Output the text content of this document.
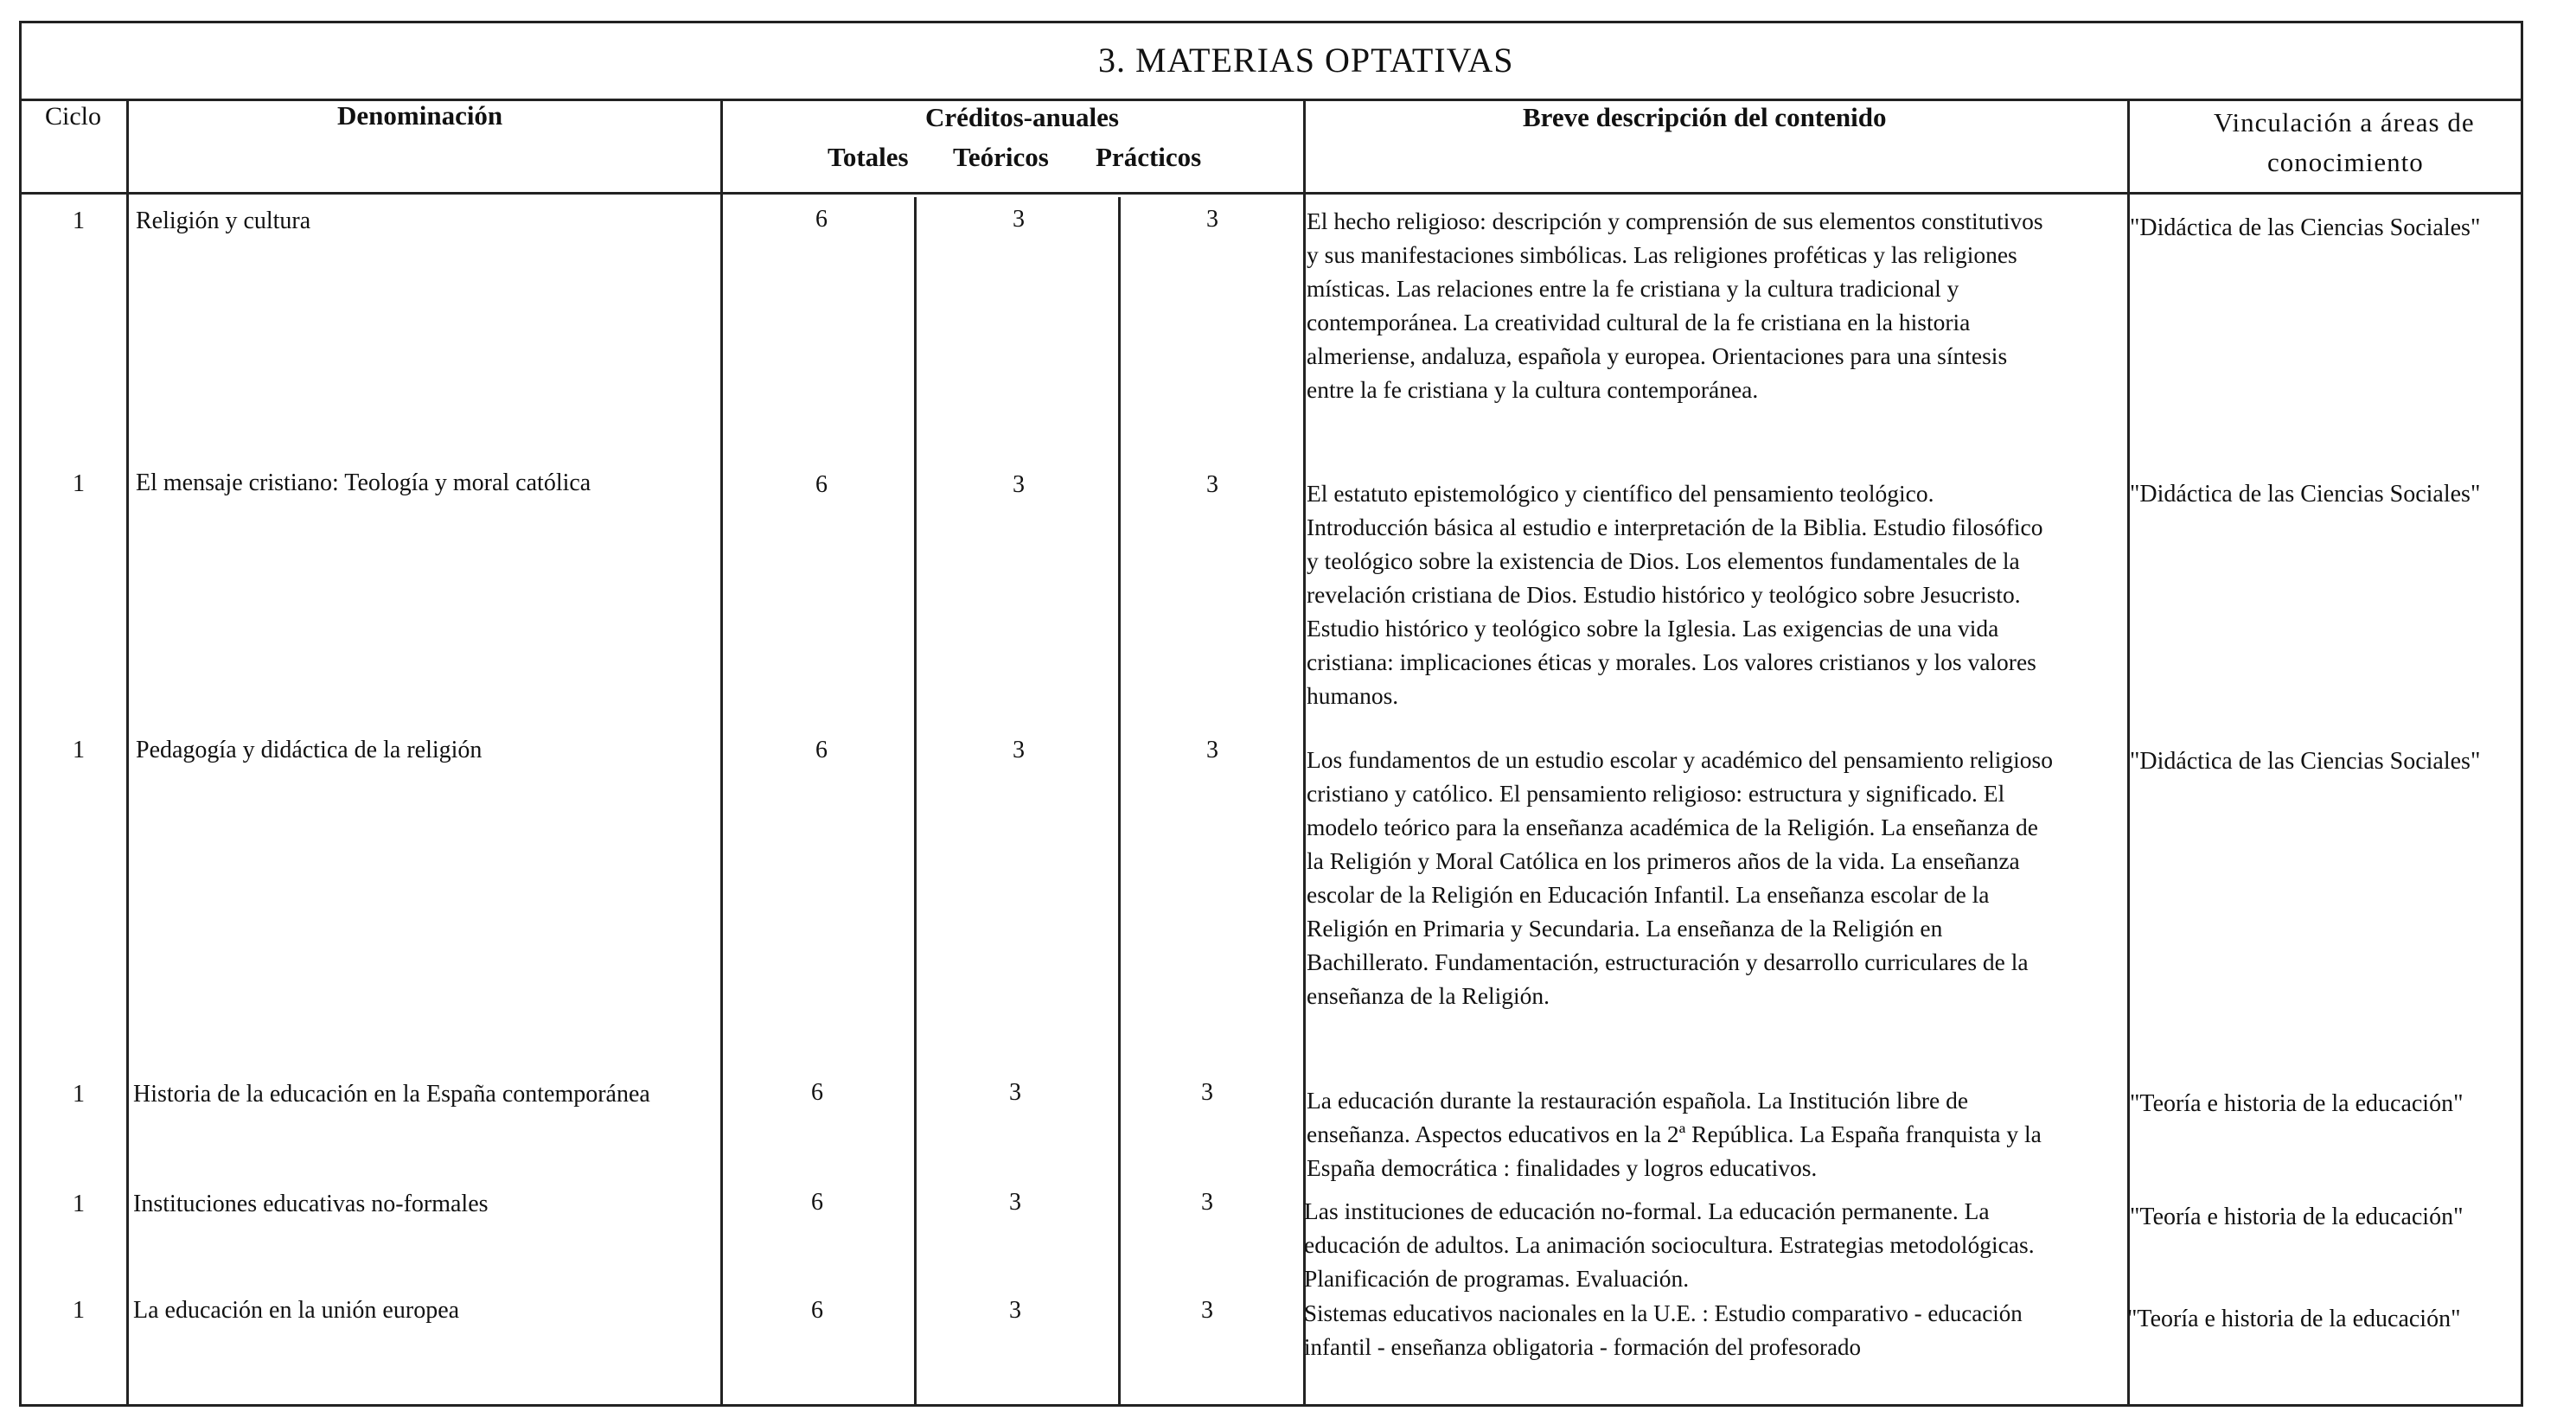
3. MATERIAS OPTATIVAS
Ciclo	Denominación	Créditos-anuales
Totales Teóricos Prácticos
Breve descripción del contenido	Vinculación a áreas de
conocimiento
1 Religión y cultura	6	3	3	El hecho religioso: descripción y comprensión de sus elementos constitutivos
y sus manifestaciones simbólicas. Las religiones proféticas y las religiones
místicas. Las relaciones entre la fe cristiana y la cultura tradicional y
contemporánea. La creatividad cultural de la fe cristiana en la historia
almeriense, andaluza, española y europea. Orientaciones para una síntesis
entre la fe cristiana y la cultura contemporánea.
"Didáctica de las Ciencias Sociales"
1 El mensaje cristiano: Teología y moral católica	6	3	3	El estatuto epistemológico y científico del pensamiento teológico.
Introducción básica al estudio e interpretación de la Biblia. Estudio filosófico
y teológico sobre la existencia de Dios. Los elementos fundamentales de la
revelación cristiana de Dios. Estudio histórico y teológico sobre Jesucristo.
Estudio histórico y teológico sobre la Iglesia. Las exigencias de una vida
cristiana: implicaciones éticas y morales. Los valores cristianos y los valores
humanos.
"Didáctica de las Ciencias Sociales"
1 Pedagogía y didáctica de la religión	6	3	3	Los fundamentos de un estudio escolar y académico del pensamiento religioso
cristiano y católico. El pensamiento religioso: estructura y significado. El
modelo teórico para la enseñanza académica de la Religión. La enseñanza de
la Religión y Moral Católica en los primeros años de la vida. La enseñanza
escolar de la Religión en Educación Infantil. La enseñanza escolar de la
Religión en Primaria y Secundaria. La enseñanza de la Religión en
Bachillerato. Fundamentación, estructuración y desarrollo curriculares de la
enseñanza de la Religión.
"Didáctica de las Ciencias Sociales"
1 Historia de la educación en la España contemporánea	6	3	3	La educación durante la restauración española. La Institución libre de
enseñanza. Aspectos educativos en la 2ª República. La España franquista y la
España democrática : finalidades y logros educativos.
"Teoría e historia de la educación"
1 Instituciones educativas no-formales	6	3	3	Las instituciones de educación no-formal. La educación permanente. La
educación de adultos. La animación sociocultura. Estrategias metodológicas.
Planificación de programas. Evaluación.
"Teoría e historia de la educación"
1 La educación en la unión europea	6	3	3	Sistemas educativos nacionales en la U.E. : Estudio comparativo - educación
infantil - enseñanza obligatoria - formación del profesorado
"Teoría e historia de la educación"
